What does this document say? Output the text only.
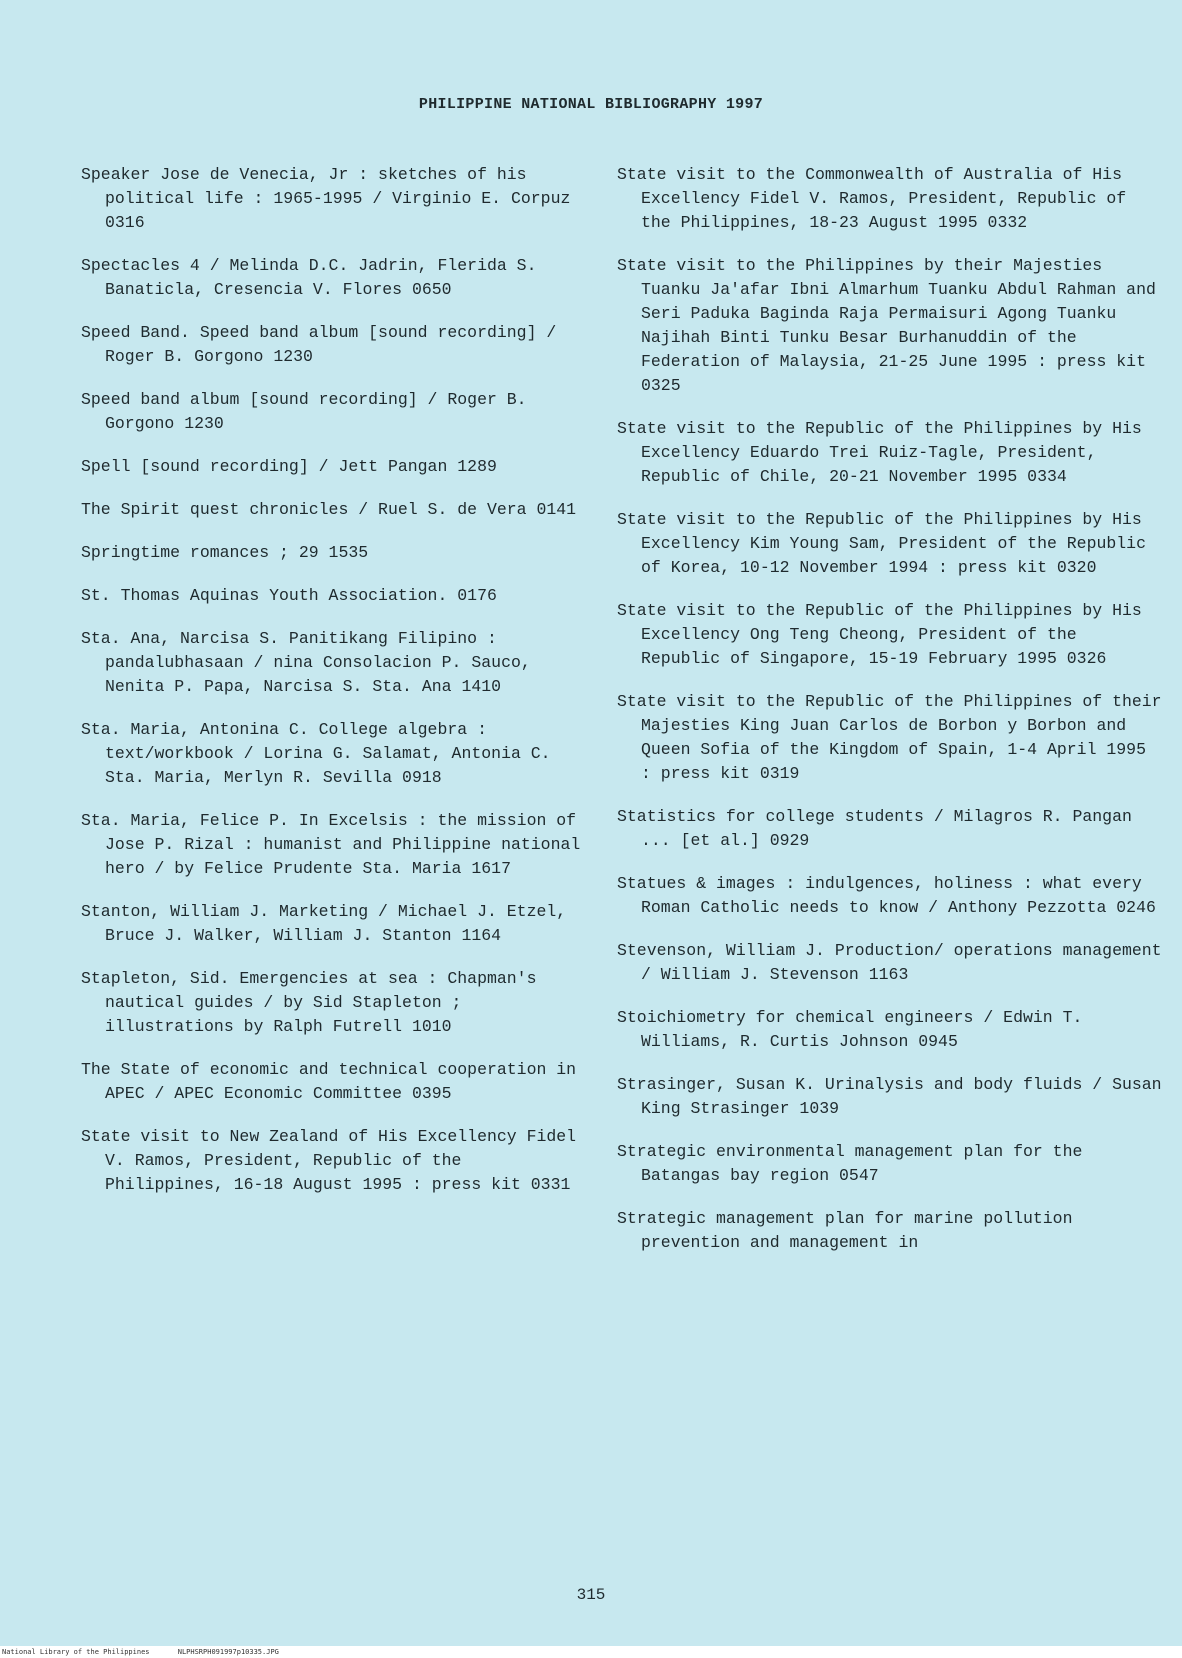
PHILIPPINE NATIONAL BIBLIOGRAPHY 1997

Speaker Jose de Venecia, Jr : sketches of his political life : 1965-1995 / Virginio E. Corpuz 0316

Spectacles 4 / Melinda D.C. Jadrin, Flerida S. Banaticla, Cresencia V. Flores 0650

Speed Band. Speed band album [sound recording] / Roger B. Gorgono 1230

Speed band album [sound recording] / Roger B. Gorgono 1230

Spell [sound recording] / Jett Pangan 1289

The Spirit quest chronicles / Ruel S. de Vera 0141

Springtime romances ; 29 1535

St. Thomas Aquinas Youth Association. 0176

Sta. Ana, Narcisa S. Panitikang Filipino : pandalubhasaan / nina Consolacion P. Sauco, Nenita P. Papa, Narcisa S. Sta. Ana 1410

Sta. Maria, Antonina C. College algebra : text/workbook / Lorina G. Salamat, Antonia C. Sta. Maria, Merlyn R. Sevilla 0918

Sta. Maria, Felice P. In Excelsis : the mission of Jose P. Rizal : humanist and Philippine national hero / by Felice Prudente Sta. Maria 1617

Stanton, William J. Marketing / Michael J. Etzel, Bruce J. Walker, William J. Stanton 1164

Stapleton, Sid. Emergencies at sea : Chapman's nautical guides / by Sid Stapleton ; illustrations by Ralph Futrell 1010

The State of economic and technical cooperation in APEC / APEC Economic Committee 0395

State visit to New Zealand of His Excellency Fidel V. Ramos, President, Republic of the Philippines, 16-18 August 1995 : press kit 0331

State visit to the Commonwealth of Australia of His Excellency Fidel V. Ramos, President, Republic of the Philippines, 18-23 August 1995 0332

State visit to the Philippines by their Majesties Tuanku Ja'afar Ibni Almarhum Tuanku Abdul Rahman and Seri Paduka Baginda Raja Permaisuri Agong Tuanku Najihah Binti Tunku Besar Burhanuddin of the Federation of Malaysia, 21-25 June 1995 : press kit 0325

State visit to the Republic of the Philippines by His Excellency Eduardo Trei Ruiz-Tagle, President, Republic of Chile, 20-21 November 1995 0334

State visit to the Republic of the Philippines by His Excellency Kim Young Sam, President of the Republic of Korea, 10-12 November 1994 : press kit 0320

State visit to the Republic of the Philippines by His Excellency Ong Teng Cheong, President of the Republic of Singapore, 15-19 February 1995 0326

State visit to the Republic of the Philippines of their Majesties King Juan Carlos de Borbon y Borbon and Queen Sofia of the Kingdom of Spain, 1-4 April 1995 : press kit 0319

Statistics for college students / Milagros R. Pangan ... [et al.] 0929

Statues & images : indulgences, holiness : what every Roman Catholic needs to know / Anthony Pezzotta 0246

Stevenson, William J. Production/ operations management / William J. Stevenson 1163

Stoichiometry for chemical engineers / Edwin T. Williams, R. Curtis Johnson 0945

Strasinger, Susan K. Urinalysis and body fluids / Susan King Strasinger 1039

Strategic environmental management plan for the Batangas bay region 0547

Strategic management plan for marine pollution prevention and management in

315
National Library of the Philippines	NLPHSRPH091997p10335.JPG
